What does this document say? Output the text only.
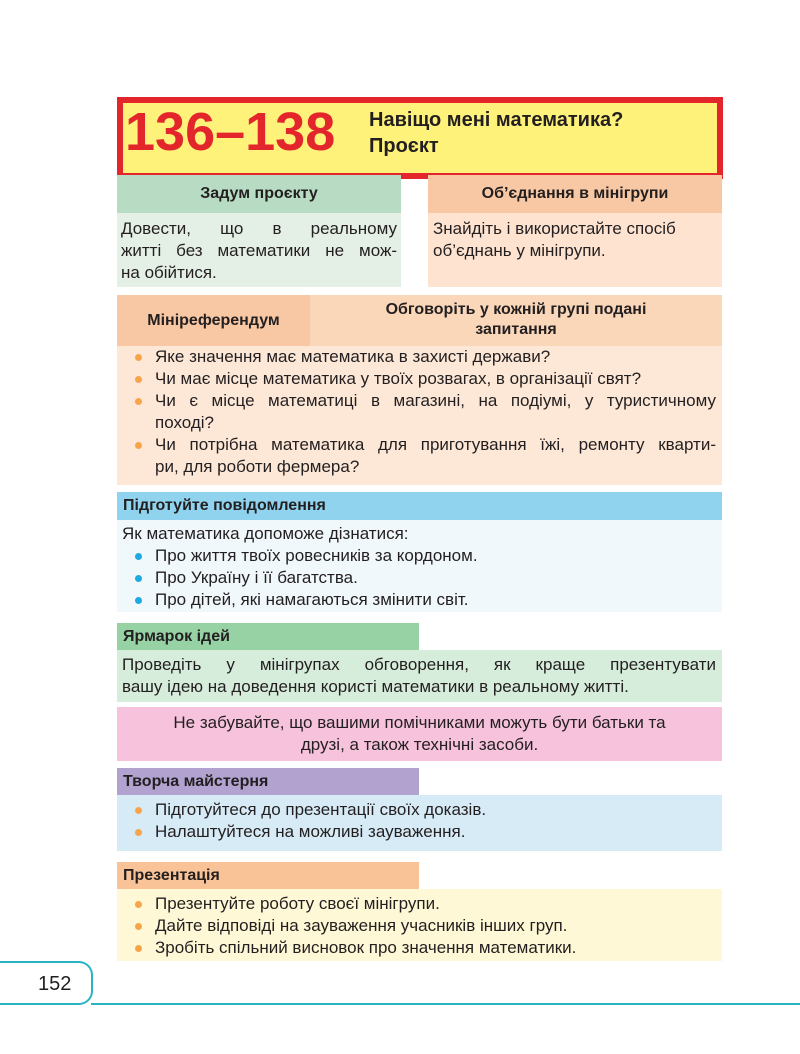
136–138 Навіщо мені математика?
Проєкт
Задум проєкту
Довести, що в реальному
житті без математики не мож-
на обійтися.
Об’єднання в мінігрупи
Знайдіть і використайте спосіб
об’єднань у мінігрупи.
Мініреферендум
Обговоріть у кожній групі подані
запитання
Яке значення має математика в захисті держави?
Чи має місце математика у твоїх розвагах, в організації свят?
Чи є місце математиці в магазині, на подіумі, у туристичному
поході?
Чи потрібна математика для приготування їжі, ремонту кварти-
ри, для роботи фермера?
Підготуйте повідомлення
Як математика допоможе дізнатися:
Про життя твоїх ровесників за кордоном.
Про Україну і її багатства.
Про дітей, які намагаються змінити світ.
Ярмарок ідей
Проведіть у мінігрупах обговорення, як краще презентувати
вашу ідею на доведення користі математики в реальному житті.
Не забувайте, що вашими помічниками можуть бути батьки та
друзі, а також технічні засоби.
Творча майстерня
Підготуйтеся до презентації своїх доказів.
Налаштуйтеся на можливі зауваження.
Презентація
Презентуйте роботу своєї мінігрупи.
Дайте відповіді на зауваження учасників інших груп.
Зробіть спільний висновок про значення математики.
152
